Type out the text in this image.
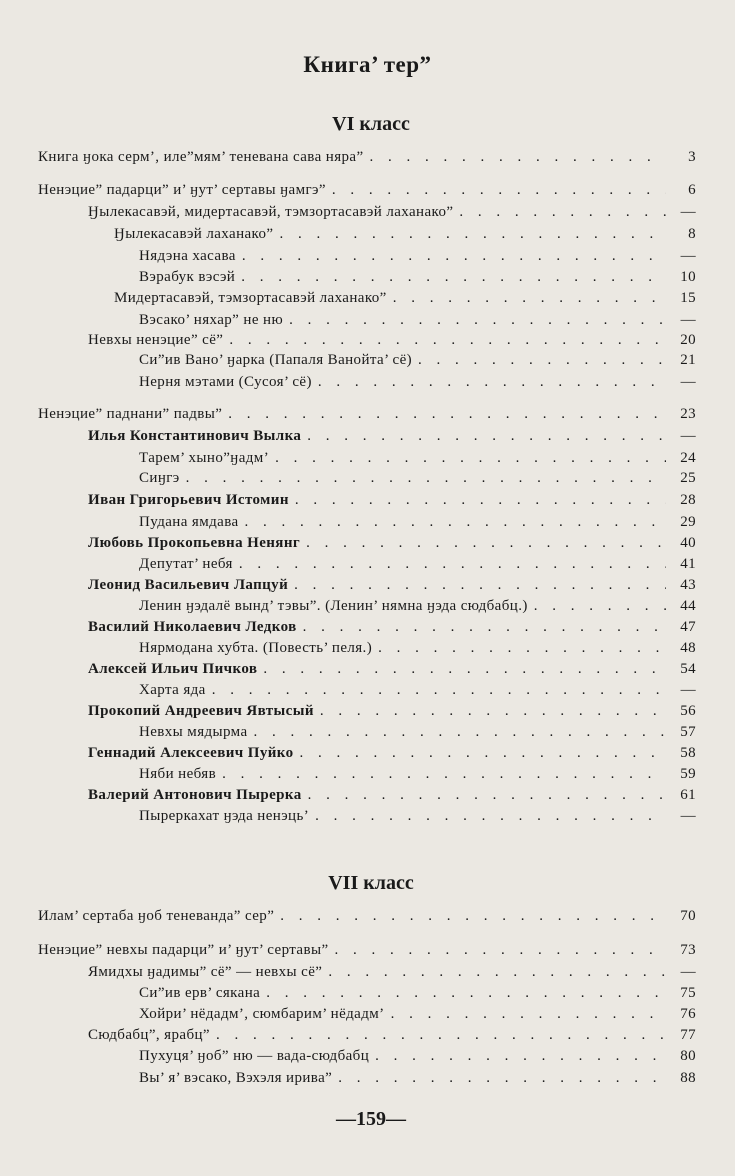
Книга’ тер”
VI класс
Книга ӈока серм’, иле”мям’ теневана сава няра” . . .	3
Ненэцие” падарци” и’ ӈут’ сертавы ӈамгэ” . . .	6
Ӈылекасавэй, мидертасавэй, тэмзортасавэй лаханако” . . .	—
Ӈылекасавэй лаханако” . . .	8
Нядэна хасава . . .	—
Вэрабук вэсэй . . .	10
Мидертасавэй, тэмзортасавэй лаханако” . . .	15
Вэсако’ няхар” не ню . . .	—
Невхы ненэцие” сё” . . .	20
Си”ив Вано’ ӈарка (Папаля Ванойта’ сё) . . .	21
Нерня мэтами (Сусоя’ сё) . . .	—
Ненэцие” паднани” падвы” . . .	23
Илья Константинович Вылка . . .	—
Тарем’ хыно”ӈадм’ . . .	24
Сиӈгэ . . .	25
Иван Григорьевич Истомин . . .	28
Пудана ямдава . . .	29
Любовь Прокопьевна Ненянг . . .	40
Депутат’ небя . . .	41
Леонид Васильевич Лапцуй . . .	43
Ленин ӈэдалё вынд’ тэвы”. (Ленин’ нямна ӈэда сюдбабц.) . . .	44
Василий Николаевич Ледков . . .	47
Нярмодана хубта. (Повесть’ пеля.) . . .	48
Алексей Ильич Пичков . . .	54
Харта яда . . .	—
Прокопий Андреевич Явтысый . . .	56
Невхы мядырма . . .	57
Геннадий Алексеевич Пуйко . . .	58
Няби небяв . . .	59
Валерий Антонович Пырерка . . .	61
Пыреркахат ӈэда ненэць’ . . .	—
VII класс
Илам’ сертаба ӈоб теневанда” сер” . . .	70
Ненэцие” невхы падарци” и’ ӈут’ сертавы” . . .	73
Ямидхы ӈадимы” сё” — невхы сё” . . .	—
Си”ив ерв’ сякана . . .	75
Хойри’ нёдадм’, сюмбарим’ нёдадм’ . . .	76
Сюдбабц”, ярабц” . . .	77
Пухуця’ ӈоб” ню — вада-сюдбабц . . .	80
Вы’ я’ вэсако, Вэхэля ирива” . . .	88
—159—
